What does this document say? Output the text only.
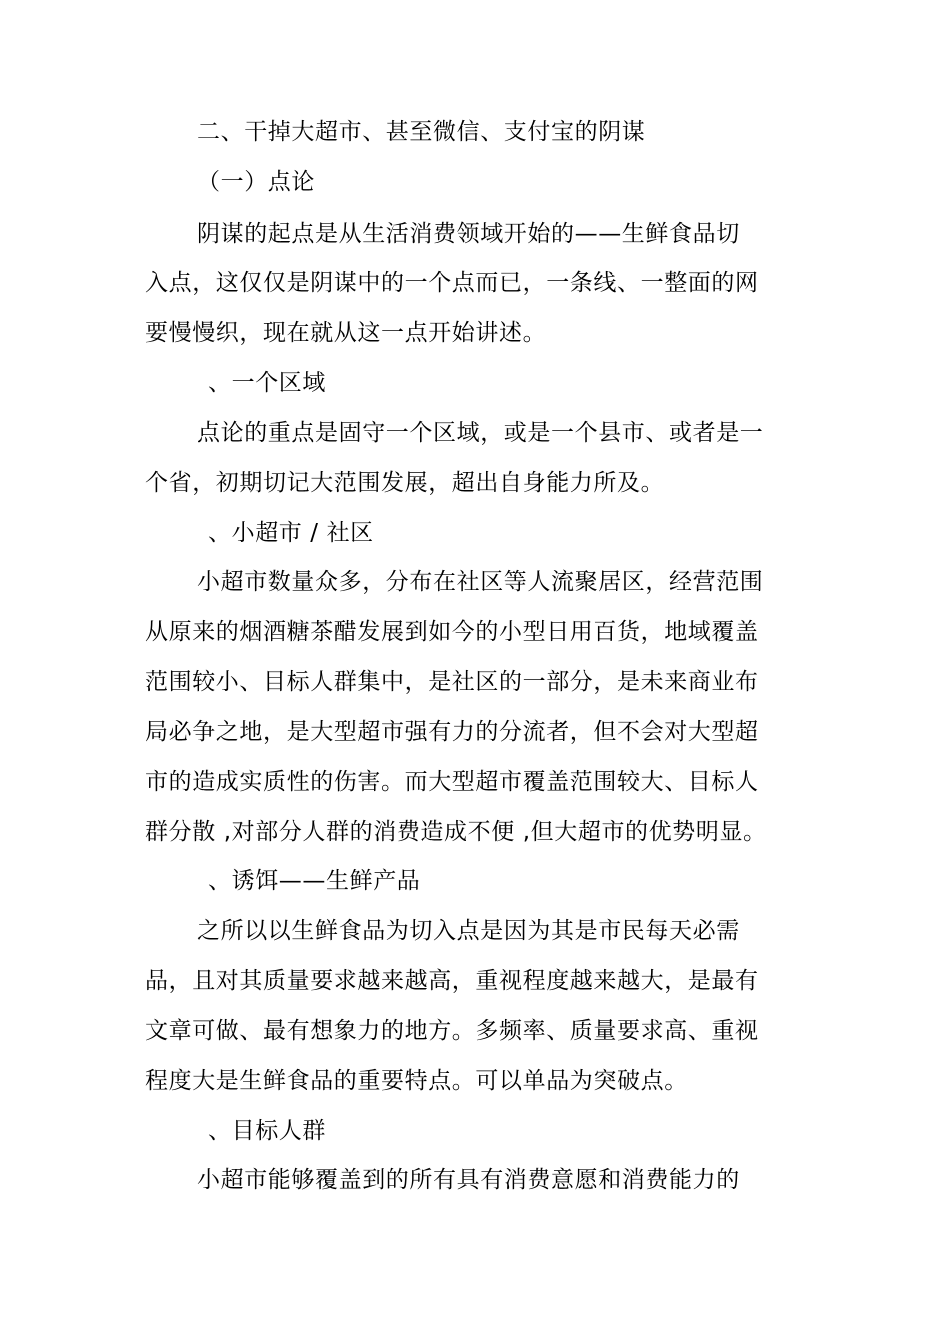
二、干掉大超市、甚至微信、支付宝的阴谋
（一）点论
阴谋的起点是从生活消费领域开始的——生鲜食品切
入点，这仅仅是阴谋中的一个点而已，一条线、一整面的网
要慢慢织，现在就从这一点开始讲述。
、一个区域
点论的重点是固守一个区域，或是一个县市、或者是一
个省，初期切记大范围发展，超出自身能力所及。
、小超市 / 社区
小超市数量众多，分布在社区等人流聚居区，经营范围
从原来的烟酒糖茶醋发展到如今的小型日用百货，地域覆盖
范围较小、目标人群集中，是社区的一部分，是未来商业布
局必争之地，是大型超市强有力的分流者，但不会对大型超
市的造成实质性的伤害。而大型超市覆盖范围较大、目标人
群分散 ,对部分人群的消费造成不便 ,但大超市的优势明显。
、诱饵——生鲜产品
之所以以生鲜食品为切入点是因为其是市民每天必需
品，且对其质量要求越来越高，重视程度越来越大，是最有
文章可做、最有想象力的地方。多频率、质量要求高、重视
程度大是生鲜食品的重要特点。可以单品为突破点。
、目标人群
小超市能够覆盖到的所有具有消费意愿和消费能力的
